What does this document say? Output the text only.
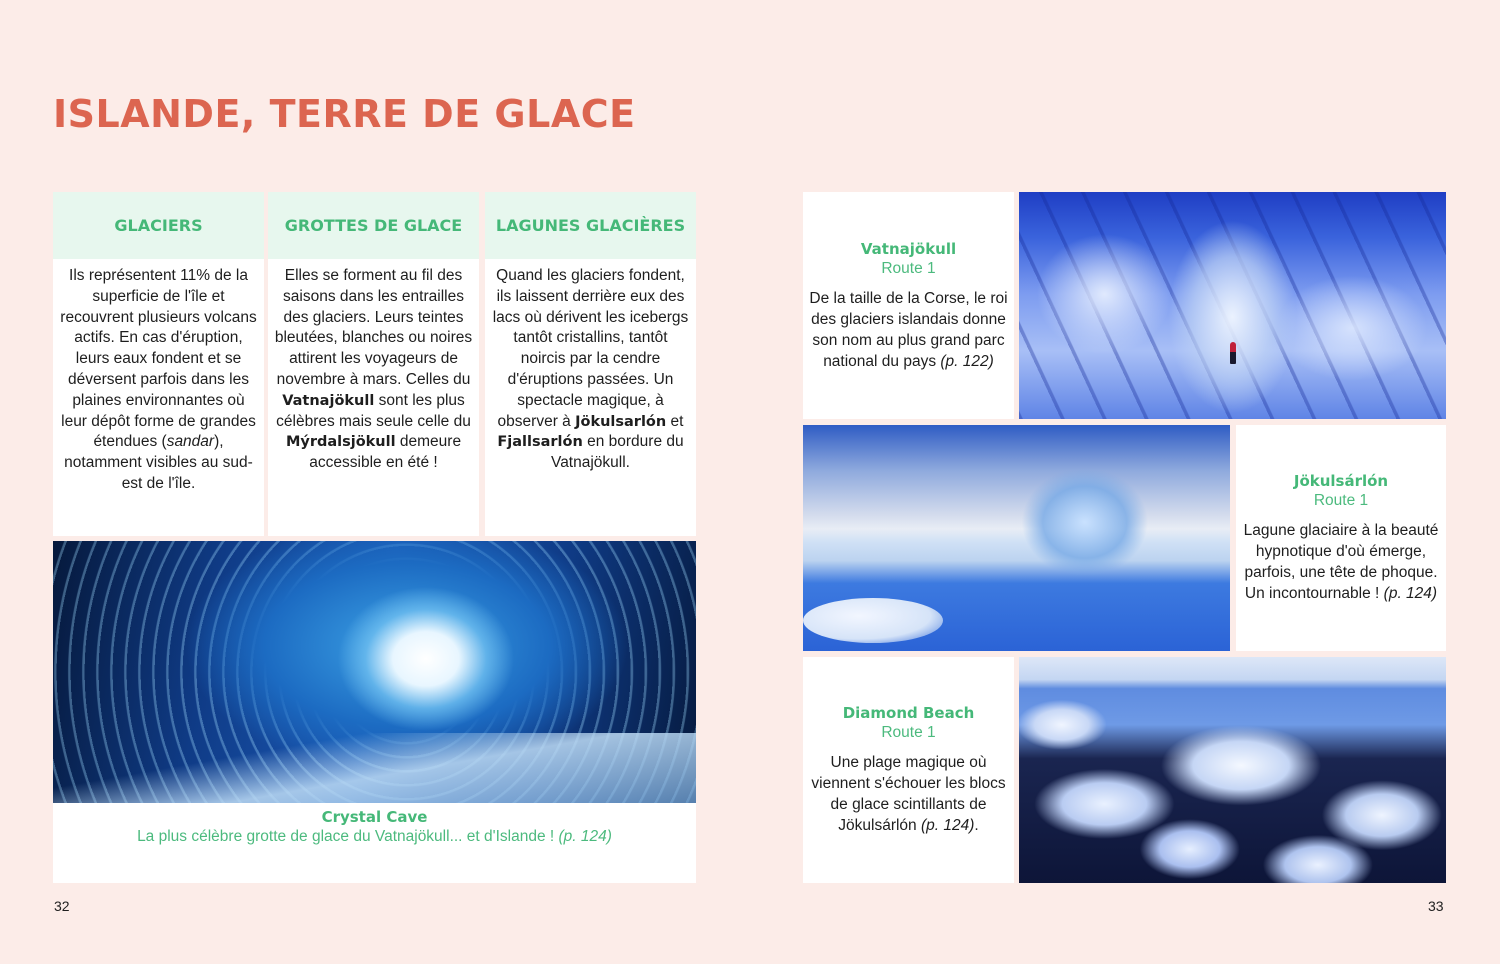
ISLANDE, TERRE DE GLACE
GLACIERS
Ils représentent 11% de la superficie de l'île et recouvrent plusieurs volcans actifs. En cas d'éruption, leurs eaux fondent et se déversent parfois dans les plaines environnantes où leur dépôt forme de grandes étendues (sandar), notamment visibles au sud-est de l'île.
GROTTES DE GLACE
Elles se forment au fil des saisons dans les entrailles des glaciers. Leurs teintes bleutées, blanches ou noires attirent les voyageurs de novembre à mars. Celles du Vatnajökull sont les plus célèbres mais seule celle du Mýrdalsjökull demeure accessible en été !
LAGUNES GLACIÈRES
Quand les glaciers fondent, ils laissent derrière eux des lacs où dérivent les icebergs tantôt cristallins, tantôt noircis par la cendre d'éruptions passées. Un spectacle magique, à observer à Jökulsarlón et Fjallsarlón en bordure du Vatnajökull.
Crystal Cave
La plus célèbre grotte de glace du Vatnajökull... et d'Islande ! (p. 124)
Vatnajökull
Route 1
De la taille de la Corse, le roi des glaciers islandais donne son nom au plus grand parc national du pays (p. 122)
Jökulsárlón
Route 1
Lagune glaciaire à la beauté hypnotique d'où émerge, parfois, une tête de phoque. Un incontournable ! (p. 124)
Diamond Beach
Route 1
Une plage magique où viennent s'échouer les blocs de glace scintillants de Jökulsárlón (p. 124).
32	33
